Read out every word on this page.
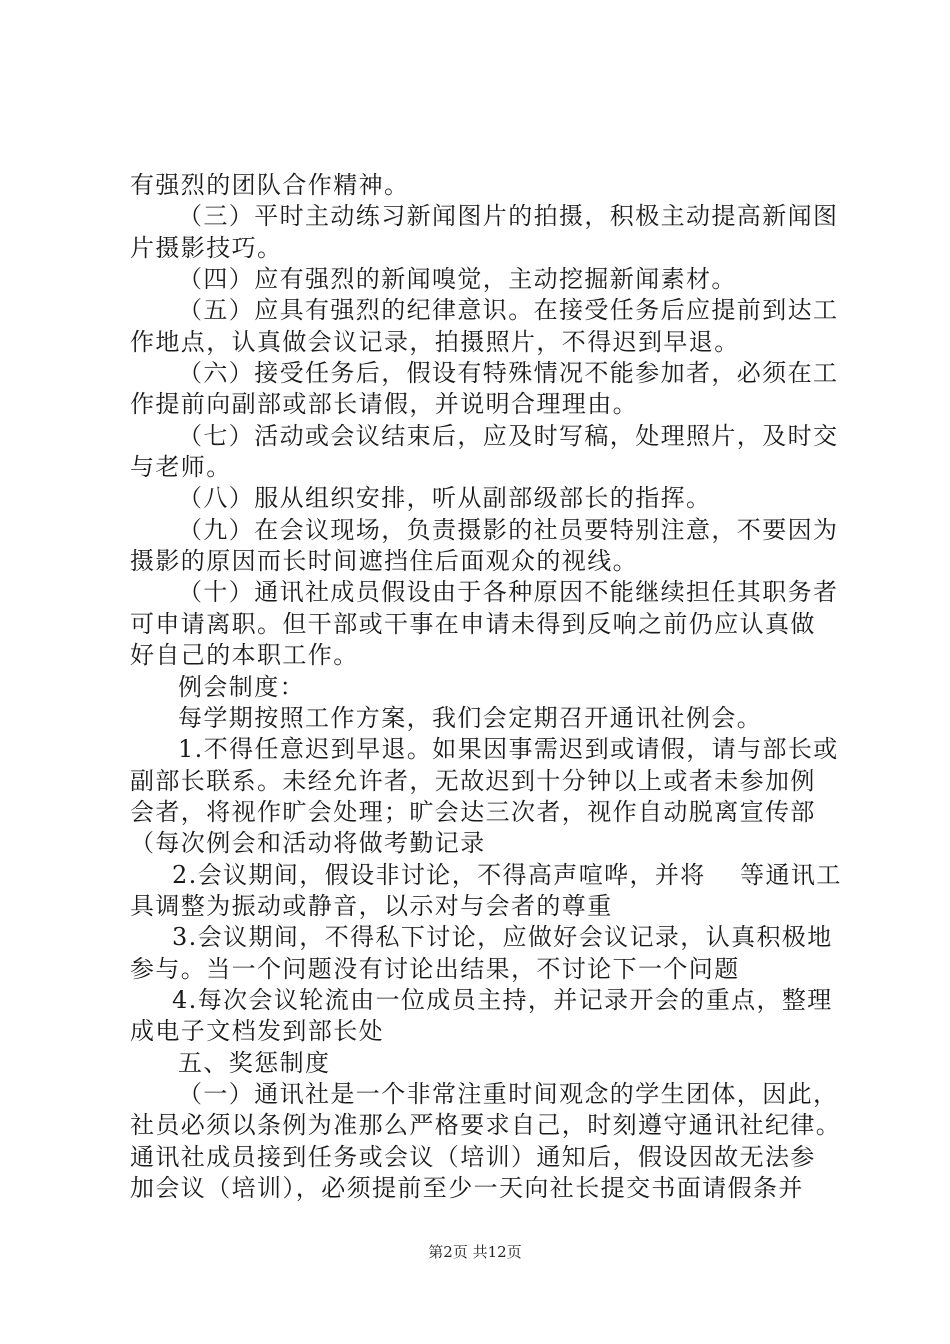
有强烈的团队合作精神。
（三）平时主动练习新闻图片的拍摄，积极主动提高新闻图
片摄影技巧。
（四）应有强烈的新闻嗅觉，主动挖掘新闻素材。
（五）应具有强烈的纪律意识。在接受任务后应提前到达工
作地点，认真做会议记录，拍摄照片，不得迟到早退。
（六）接受任务后，假设有特殊情况不能参加者，必须在工
作提前向副部或部长请假，并说明合理理由。
（七）活动或会议结束后，应及时写稿，处理照片，及时交
与老师。
（八）服从组织安排，听从副部级部长的指挥。
（九）在会议现场，负责摄影的社员要特别注意，不要因为
摄影的原因而长时间遮挡住后面观众的视线。
（十）通讯社成员假设由于各种原因不能继续担任其职务者
可申请离职。但干部或干事在申请未得到反响之前仍应认真做
好自己的本职工作。
例会制度：
每学期按照工作方案，我们会定期召开通讯社例会。
1.不得任意迟到早退。如果因事需迟到或请假，请与部长或
副部长联系。未经允许者，无故迟到十分钟以上或者未参加例
会者，将视作旷会处理；旷会达三次者，视作自动脱离宣传部
（每次例会和活动将做考勤记录
2.会议期间，假设非讨论，不得高声喧哗，并将　 等通讯工
具调整为振动或静音，以示对与会者的尊重
3.会议期间，不得私下讨论，应做好会议记录，认真积极地
参与。当一个问题没有讨论出结果，不讨论下一个问题
4.每次会议轮流由一位成员主持，并记录开会的重点，整理
成电子文档发到部长处
五、奖惩制度
（一）通讯社是一个非常注重时间观念的学生团体，因此，
社员必须以条例为准那么严格要求自己，时刻遵守通讯社纪律。
通讯社成员接到任务或会议（培训）通知后，假设因故无法参
加会议（培训），必须提前至少一天向社长提交书面请假条并
第2页 共12页
